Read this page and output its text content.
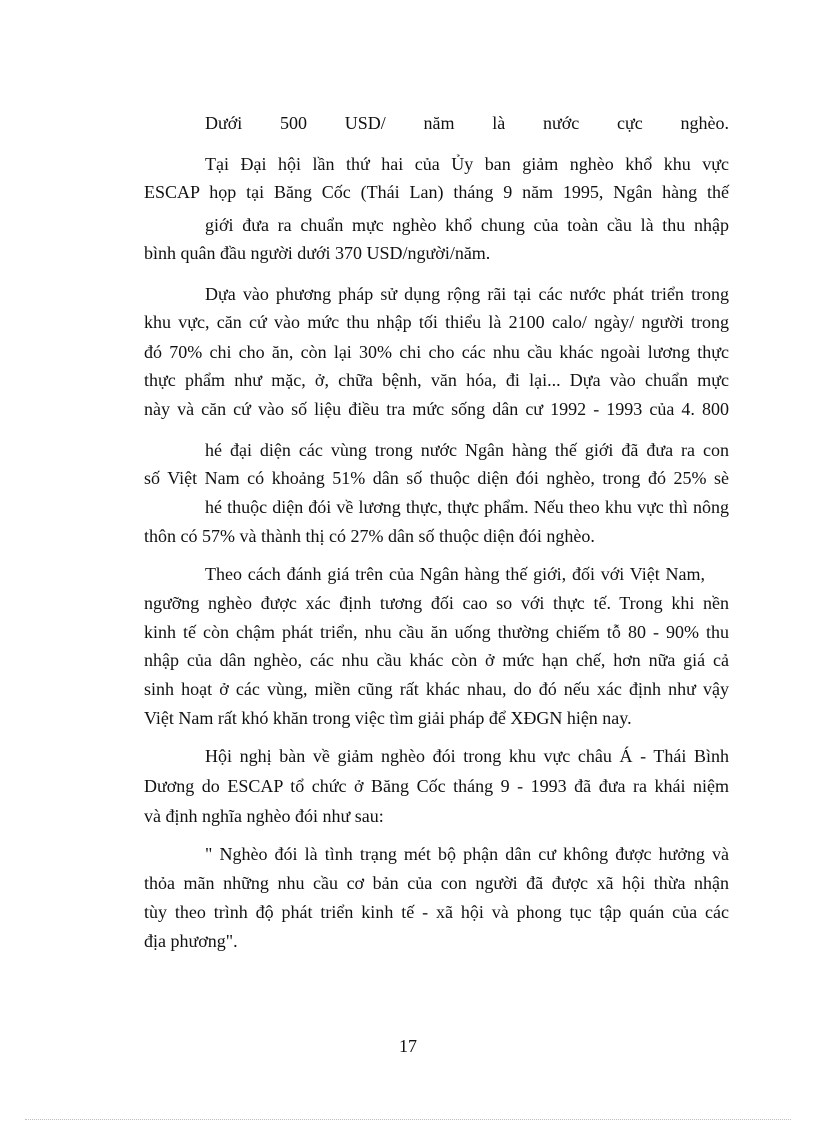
Dưới 500 USD/ năm là nước cực nghèo.
Tại Đại hội lần thứ hai của Ủy ban giảm nghèo khổ khu vực
ESCAP họp tại Băng Cốc (Thái Lan) tháng 9 năm 1995, Ngân hàng thế
giới đưa ra chuẩn mực nghèo khổ chung của toàn cầu là thu nhập
bình quân đầu người dưới 370 USD/người/năm.
Dựa vào phương pháp sử dụng rộng rãi tại các nước phát triển trong
khu vực, căn cứ vào mức thu nhập tối thiểu là 2100 calo/ ngày/ người trong
đó 70% chi cho ăn, còn lại 30% chi cho các nhu cầu khác ngoài lương thực
thực phẩm như mặc, ở, chữa bệnh, văn hóa, đi lại... Dựa vào chuẩn mực
này và căn cứ vào số liệu điều tra mức sống dân cư 1992 - 1993 của 4. 800
hé đại diện các vùng trong nước Ngân hàng thế giới đã đưa ra con
số Việt Nam có khoảng 51% dân số thuộc diện đói nghèo, trong đó 25% sè
hé thuộc diện đói về lương thực, thực phẩm. Nếu theo khu vực thì nông
thôn có 57% và thành thị có 27% dân số thuộc diện đói nghèo.
Theo cách đánh giá trên của Ngân hàng thế giới, đối với Việt Nam,
ngưỡng nghèo được xác định tương đối cao so với thực tế. Trong khi nền
kinh tế còn chậm phát triển, nhu cầu ăn uống thường chiếm tỗ 80 - 90% thu
nhập của dân nghèo, các nhu cầu khác còn ở mức hạn chế, hơn nữa giá cả
sinh hoạt ở các vùng, miền cũng rất khác nhau, do đó nếu xác định như vậy
Việt Nam rất khó khăn trong việc tìm giải pháp để XĐGN hiện nay.
Hội nghị bàn về giảm nghèo đói trong khu vực châu Á - Thái Bình
Dương do ESCAP tổ chức ở Băng Cốc tháng 9 - 1993 đã đưa ra khái niệm
và định nghĩa nghèo đói như sau:
" Nghèo đói là tình trạng mét bộ phận dân cư không được hưởng và
thỏa mãn những nhu cầu cơ bản của con người đã được xã hội thừa nhận
tùy theo trình độ phát triển kinh tế - xã hội và phong tục tập quán của các
địa phương".
17
